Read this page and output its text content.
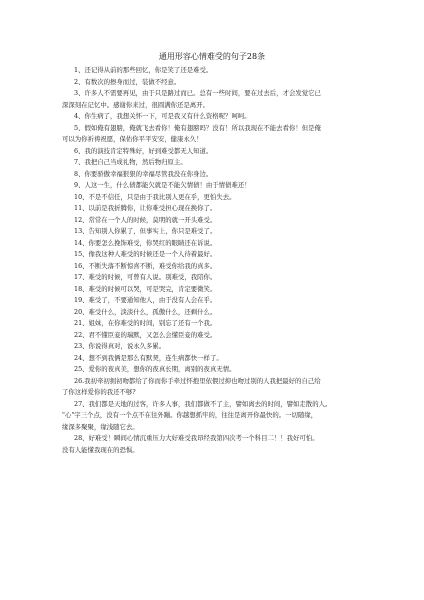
通用形容心情难受的句子28条
1、还记得从前的那些回忆，你是笑了还是难受。
2、有数次的擦身而过，装做不经意。
3、许多人不需要再见，由于只是路过而已。总有一些时间，要在过去后，才会发觉它已
深深刻在记忆中。感谢你来过，很圆满你还是离开。
4、你生病了，我想关怀一下，可是我又有什么资格呢？呵呵。
5、假如俺有翅膀，俺就飞去看你！俺有翅膀吗？没有！所以我现在不能去看你！但是俺
可以为你祈祷祝愿，保佑你平平安安，健康永久！
6、我的演技肯定特殊好，好到难受都无人知道。
7、我把自己当成礼物，然后物归原主。
8、你要骄傲幸福狠狠的幸福尽管我没在你身边。
9、人这一生，什么债都能欠就是不能欠情债！由于情债难还！
10、不是不信任，只是由于我比别人更在乎，更怕失去。
11、以前是我折腾你，让你难受担心现在换你了。
12、常常在一个人的时候，莫明的就一开头难受。
13、告知别人你累了，但事实上，你只是难受了。
14、你要怎么挽饰难受，你哭红的眼睛还在诉说。
15、像我这种人难受的时候还是一个人待着最好。
16、不断失落不断惊喜不断，难受你给我的真多。
17、难受的时候，可曾有人说。别难受，我陪你。
18、难受的时候可以哭，可是哭完，肯定要微笑。
19、难受了，不要通知他人，由于没有人会在乎。
20、难受什么，淡淡什么，孤傲什么，还剩什么。
21、姐妹，在你难受的时间，别忘了还有一个我。
22、君不懂臣妾的瑞默，又怎么会懂臣妾的难受。
23、你说得真对，说永久多累。
24、想不到我俩是那么有默契，连生病都快一样了。
25、爱你的夜真美，想你的夜真长期，离别的夜真无情。
26.我初牵初拥初吻都给了你而你手牵过怀抱里依偎过抑也吻过别的人我把最好的自己给
了你这样爱你的我还不够?
27、我们都是天地的过客，许多人事，我们都做不了主，譬如离去的时间，譬如走散的人。
"心"字三个点，没有一个点不在往外蹦。你越想抓牢的，往往是离开你最快的。一切随缘，
缘深多聚聚，缘浅随它去。
28、好难受！瞬间心情沉重压力大好难受我昂经我第四次考一个科目二！！我好可怕。
没有人能懂我现在的恐惧。
